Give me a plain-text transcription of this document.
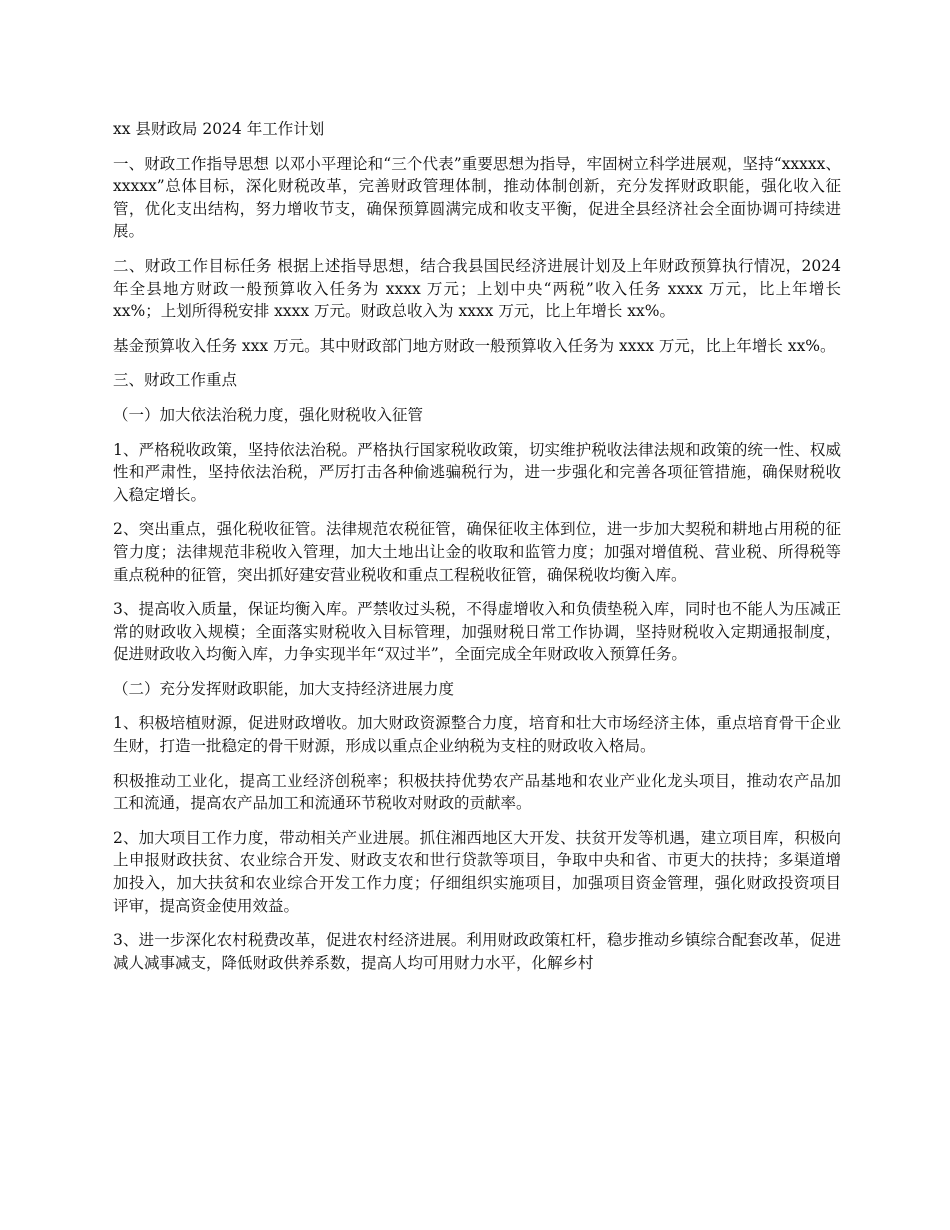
xx 县财政局 2024 年工作计划

一、财政工作指导思想 以邓小平理论和“三个代表”重要思想为指导，牢固树立科学进展观，坚持“xxxxx、xxxxx”总体目标，深化财税改革，完善财政管理体制，推动体制创新，充分发挥财政职能，强化收入征管，优化支出结构，努力增收节支，确保预算圆满完成和收支平衡，促进全县经济社会全面协调可持续进展。

二、财政工作目标任务 根据上述指导思想，结合我县国民经济进展计划及上年财政预算执行情况，2024 年全县地方财政一般预算收入任务为 xxxx 万元；上划中央“两税”收入任务 xxxx 万元，比上年增长 xx%；上划所得税安排 xxxx 万元。财政总收入为 xxxx 万元，比上年增长 xx%。

基金预算收入任务 xxx 万元。其中财政部门地方财政一般预算收入任务为 xxxx 万元，比上年增长 xx%。

三、财政工作重点

（一）加大依法治税力度，强化财税收入征管

1、严格税收政策，坚持依法治税。严格执行国家税收政策，切实维护税收法律法规和政策的统一性、权威性和严肃性，坚持依法治税，严厉打击各种偷逃骗税行为，进一步强化和完善各项征管措施，确保财税收入稳定增长。

2、突出重点，强化税收征管。法律规范农税征管，确保征收主体到位，进一步加大契税和耕地占用税的征管力度；法律规范非税收入管理，加大土地出让金的收取和监管力度；加强对增值税、营业税、所得税等重点税种的征管，突出抓好建安营业税收和重点工程税收征管，确保税收均衡入库。

3、提高收入质量，保证均衡入库。严禁收过头税，不得虚增收入和负债垫税入库，同时也不能人为压减正常的财政收入规模；全面落实财税收入目标管理，加强财税日常工作协调，坚持财税收入定期通报制度，促进财政收入均衡入库，力争实现半年“双过半”，全面完成全年财政收入预算任务。

（二）充分发挥财政职能，加大支持经济进展力度

1、积极培植财源，促进财政增收。加大财政资源整合力度，培育和壮大市场经济主体，重点培育骨干企业生财，打造一批稳定的骨干财源，形成以重点企业纳税为支柱的财政收入格局。

积极推动工业化，提高工业经济创税率；积极扶持优势农产品基地和农业产业化龙头项目，推动农产品加工和流通，提高农产品加工和流通环节税收对财政的贡献率。

2、加大项目工作力度，带动相关产业进展。抓住湘西地区大开发、扶贫开发等机遇，建立项目库，积极向上申报财政扶贫、农业综合开发、财政支农和世行贷款等项目，争取中央和省、市更大的扶持；多渠道增加投入，加大扶贫和农业综合开发工作力度；仔细组织实施项目，加强项目资金管理，强化财政投资项目评审，提高资金使用效益。

3、进一步深化农村税费改革，促进农村经济进展。利用财政政策杠杆，稳步推动乡镇综合配套改革，促进减人减事减支，降低财政供养系数，提高人均可用财力水平，化解乡村
